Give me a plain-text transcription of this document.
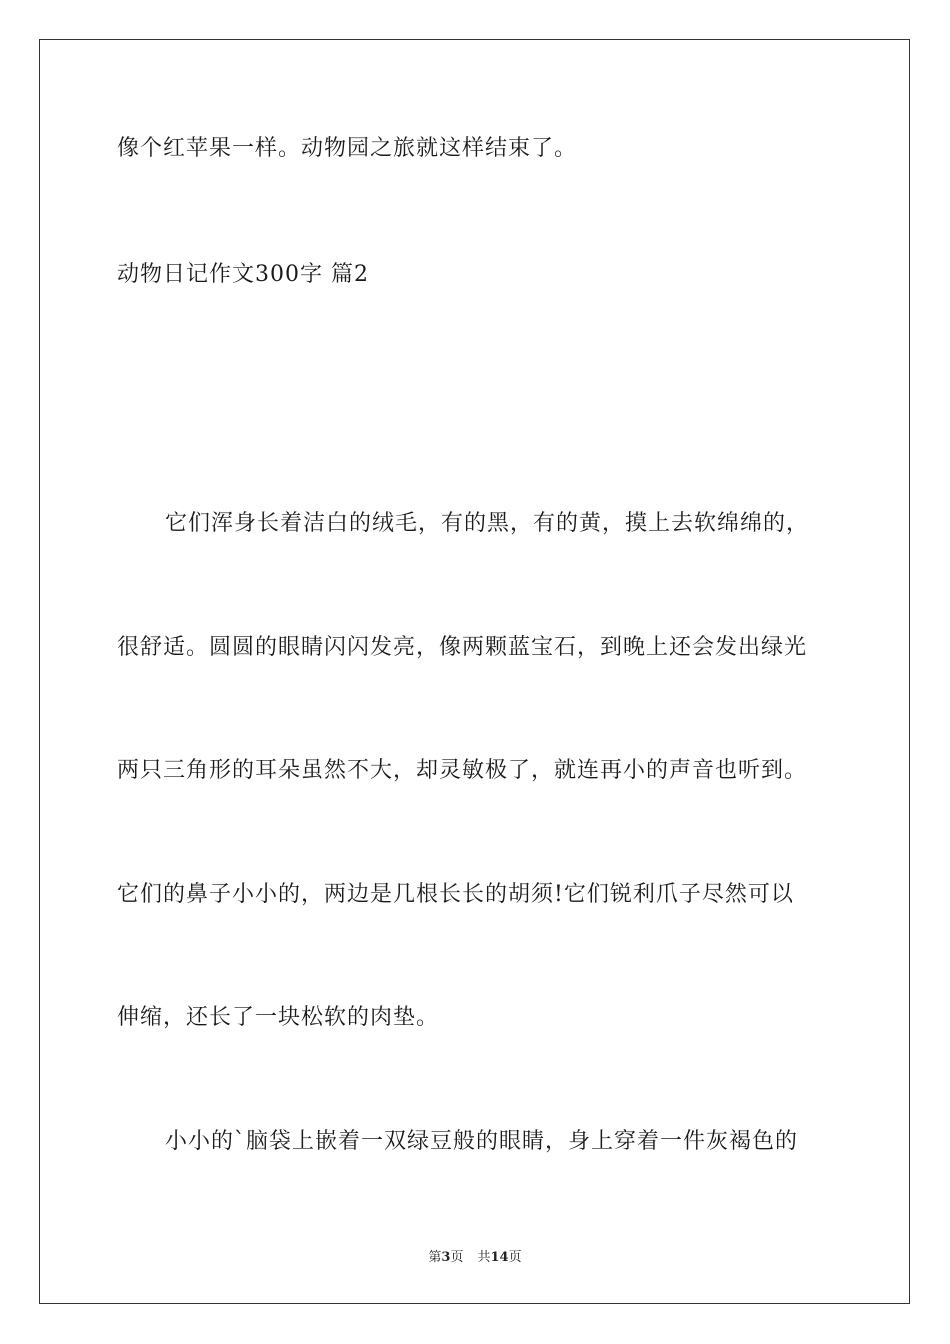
像个红苹果一样。动物园之旅就这样结束了。
动物日记作文300字 篇2
它们浑身长着洁白的绒毛，有的黑，有的黄，摸上去软绵绵的，
很舒适。圆圆的眼睛闪闪发亮，像两颗蓝宝石，到晚上还会发出绿光
两只三角形的耳朵虽然不大，却灵敏极了，就连再小的声音也听到。
它们的鼻子小小的，两边是几根长长的胡须!它们锐利爪子尽然可以
伸缩，还长了一块松软的肉垫。
小小的`脑袋上嵌着一双绿豆般的眼睛，身上穿着一件灰褐色的
第3页 共14页
